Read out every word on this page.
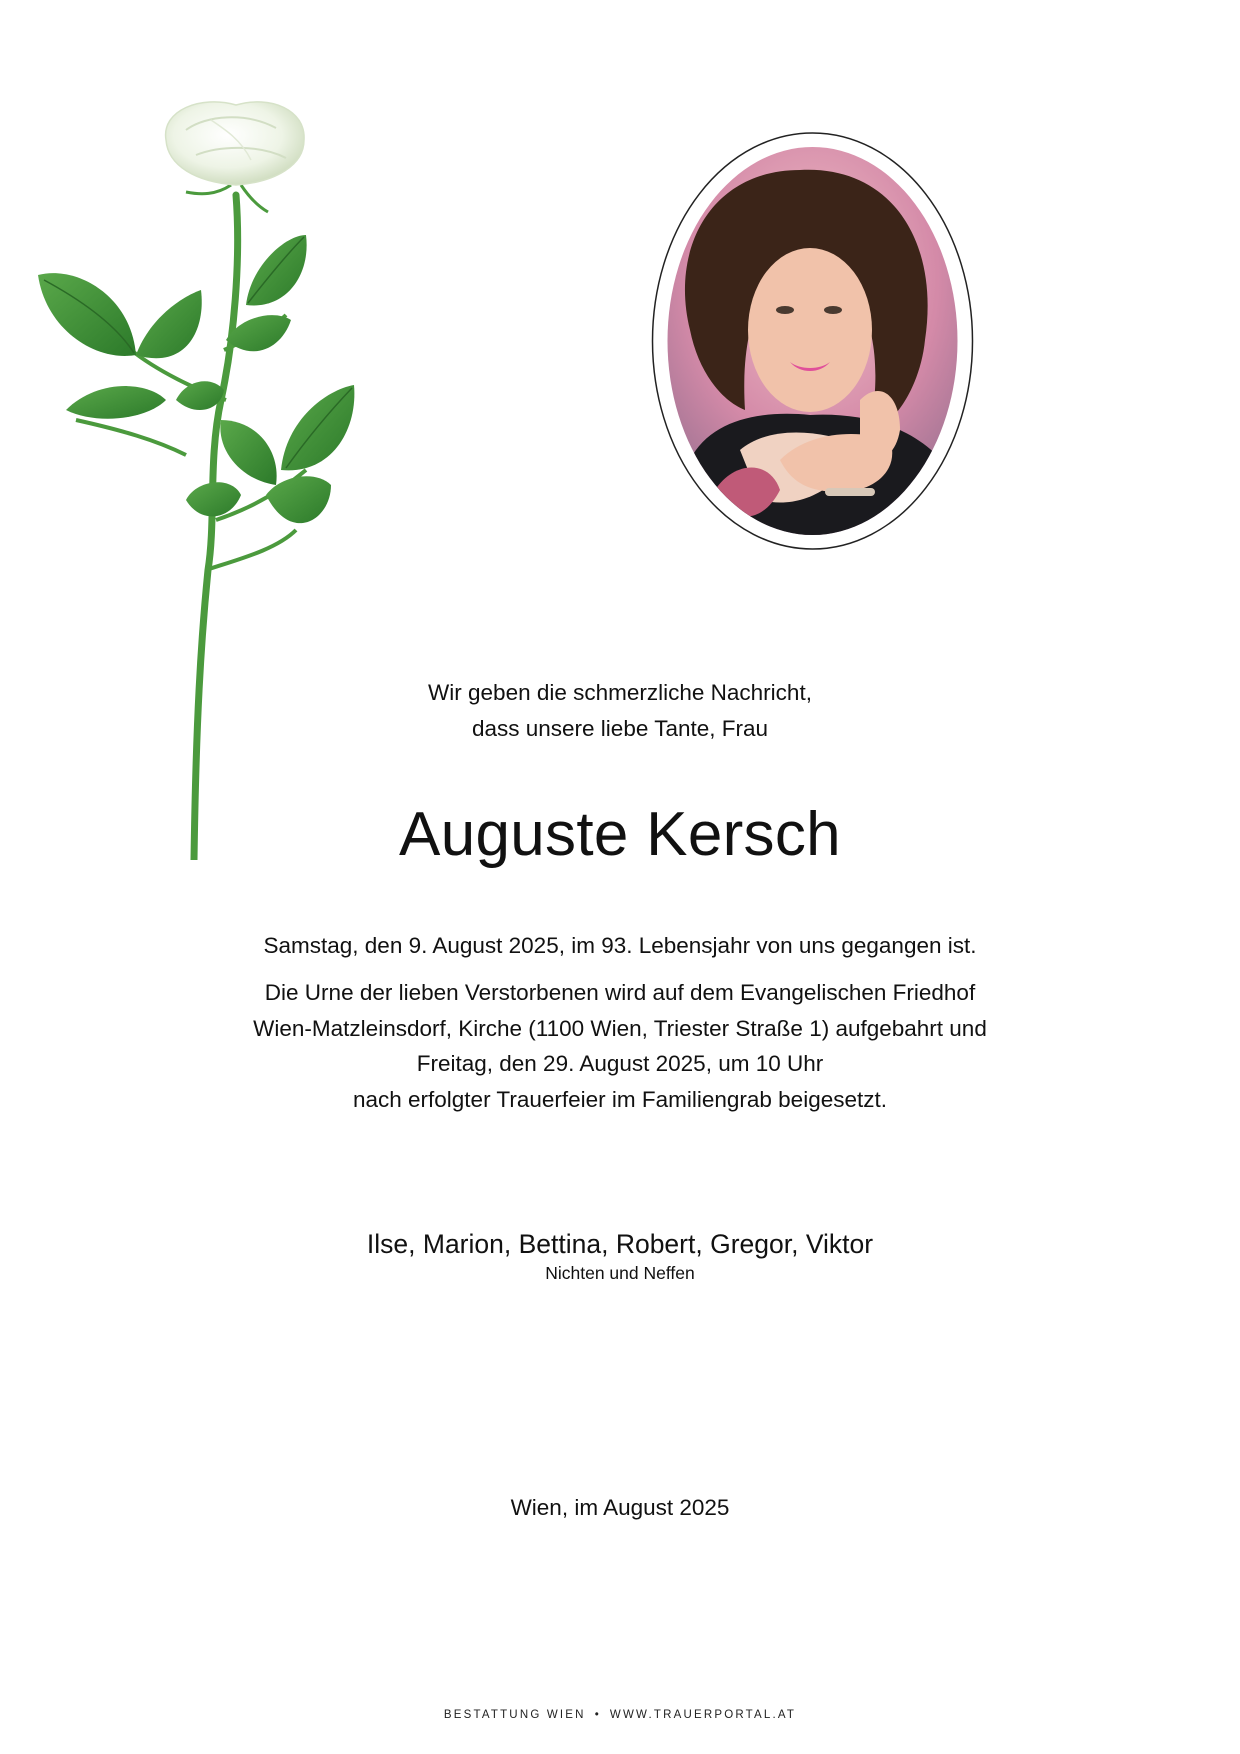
Wir geben die schmerzliche Nachricht,
dass unsere liebe Tante, Frau
Auguste Kersch
Samstag, den 9. August 2025, im 93. Lebensjahr von uns gegangen ist.
Die Urne der lieben Verstorbenen wird auf dem Evangelischen Friedhof
Wien-Matzleinsdorf, Kirche (1100 Wien, Triester Straße 1) aufgebahrt und
Freitag, den 29. August 2025, um 10 Uhr
nach erfolgter Trauerfeier im Familiengrab beigesetzt.
Ilse, Marion, Bettina, Robert, Gregor, Viktor
Nichten und Neffen
Wien, im August 2025
BESTATTUNG WIEN • WWW.TRAUERPORTAL.AT
